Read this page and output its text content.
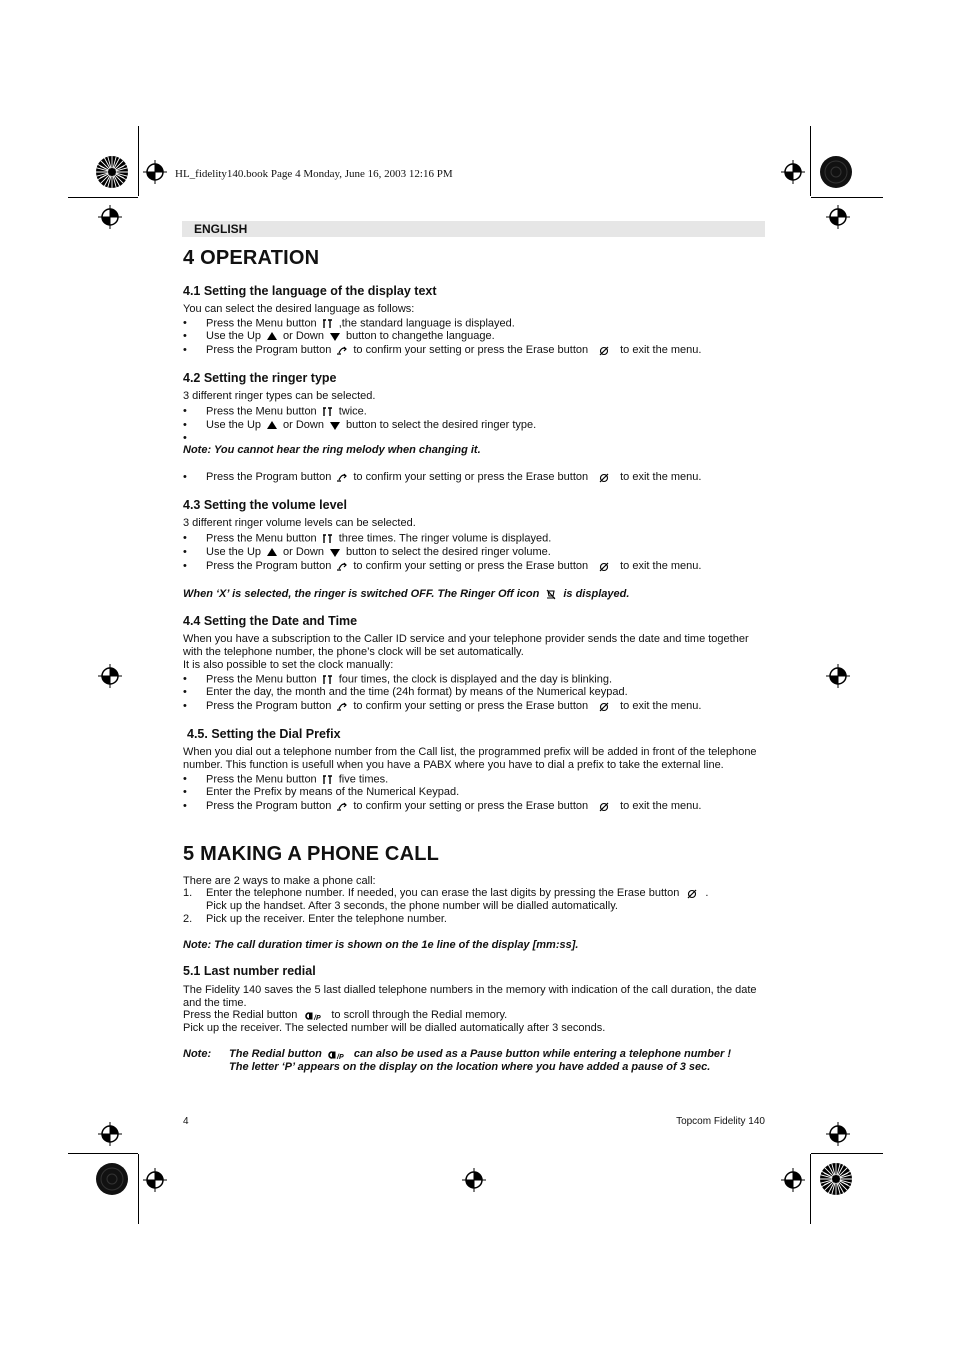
HL_fidelity140.book Page 4 Monday, June 16, 2003 12:16 PM
ENGLISH
4 OPERATION
4.1 Setting the language of the display text
You can select the desired language as follows:
• Press the Menu button ,the standard language is displayed.
• Use the Up or Down button to changethe language.
• Press the Program button to confirm your setting or press the Erase button	to exit the menu.
4.2 Setting the ringer type
3 different ringer types can be selected.
• Press the Menu button twice.
• Use the Up or Down button to select the desired ringer type.
•
Note: You cannot hear the ring melody when changing it.
• Press the Program button to confirm your setting or press the Erase button	to exit the menu.
4.3 Setting the volume level
3 different ringer volume levels can be selected.
• Press the Menu button three times. The ringer volume is displayed.
• Use the Up or Down button to select the desired ringer volume.
• Press the Program button to confirm your setting or press the Erase button	to exit the menu.
When ‘X’ is selected, the ringer is switched OFF. The Ringer Off icon is displayed.
4.4 Setting the Date and Time
When you have a subscription to the Caller ID service and your telephone provider sends the date and time together with the telephone number, the phone’s clock will be set automatically.
It is also possible to set the clock manually:
• Press the Menu button four times, the clock is displayed and the day is blinking.
• Enter the day, the month and the time (24h format) by means of the Numerical keypad.
• Press the Program button to confirm your setting or press the Erase button	to exit the menu.
4.5. Setting the Dial Prefix
When you dial out a telephone number from the Call list, the programmed prefix will be added in front of the telephone number. This function is usefull when you have a PABX where you have to dial a prefix to take the external line.
• Press the Menu button five times.
• Enter the Prefix by means of the Numerical Keypad.
• Press the Program button to confirm your setting or press the Erase button	to exit the menu.
5 MAKING A PHONE CALL
There are 2 ways to make a phone call:
1. Enter the telephone number. If needed, you can erase the last digits by pressing the Erase button .
Pick up the handset. After 3 seconds, the phone number will be dialled automatically.
2. Pick up the receiver. Enter the telephone number.
Note: The call duration timer is shown on the 1e line of the display [mm:ss].
5.1 Last number redial
The Fidelity 140 saves the 5 last dialled telephone numbers in the memory with indication of the call duration, the date and the time.
Press the Redial button	to scroll through the Redial memory.
Pick up the receiver. The selected number will be dialled automatically after 3 seconds.
Note: The Redial button	can also be used as a Pause button while entering a telephone number !
The letter ‘P’ appears on the display on the location where you have added a pause of 3 sec.
4	Topcom Fidelity 140
